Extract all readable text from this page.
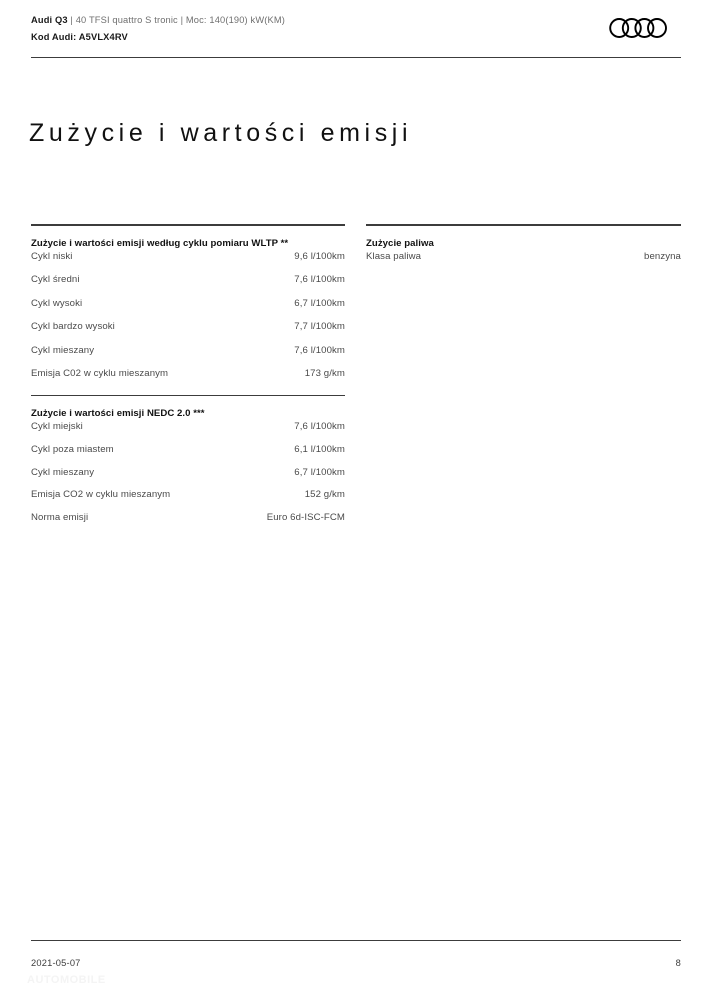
Audi Q3 | 40 TFSI quattro S tronic | Moc: 140(190) kW(KM)
Kod Audi: A5VLX4RV
Zużycie i wartości emisji
Zużycie i wartości emisji według cyklu pomiaru WLTP **
Cykl niski	9,6 l/100km
Cykl średni	7,6 l/100km
Cykl wysoki	6,7 l/100km
Cykl bardzo wysoki	7,7 l/100km
Cykl mieszany	7,6 l/100km
Emisja C02 w cyklu mieszanym	173 g/km
Zużycie i wartości emisji NEDC 2.0 ***
Cykl miejski	7,6 l/100km
Cykl poza miastem	6,1 l/100km
Cykl mieszany	6,7 l/100km
Emisja CO2 w cyklu mieszanym	152 g/km
Norma emisji	Euro 6d-ISC-FCM
Zużycie paliwa
Klasa paliwa	benzyna
2021-05-07	8
AUTOMOBILE
